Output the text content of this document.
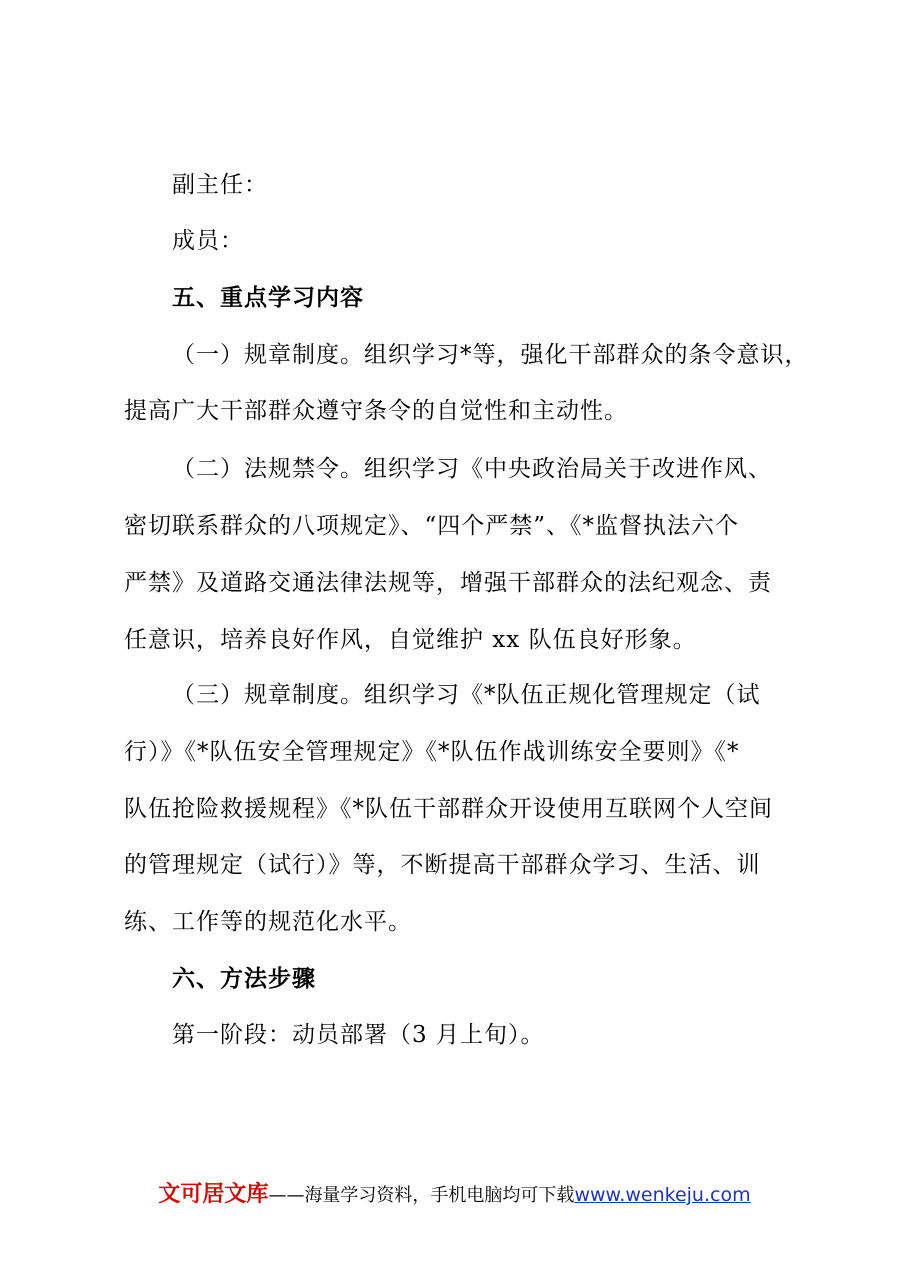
副主任：
成员：
五、重点学习内容
（一）规章制度。组织学习*等，强化干部群众的条令意识，
提高广大干部群众遵守条令的自觉性和主动性。
（二）法规禁令。组织学习《中央政治局关于改进作风、
密切联系群众的八项规定》、“四个严禁”、《*监督执法六个
严禁》及道路交通法律法规等，增强干部群众的法纪观念、责
任意识，培养良好作风，自觉维护 xx 队伍良好形象。
（三）规章制度。组织学习《*队伍正规化管理规定（试
行）》《*队伍安全管理规定》《*队伍作战训练安全要则》《*
队伍抢险救援规程》《*队伍干部群众开设使用互联网个人空间
的管理规定（试行）》等，不断提高干部群众学习、生活、训
练、工作等的规范化水平。
六、方法步骤
第一阶段：动员部署（3 月上旬）。
文可居文库——海量学习资料，手机电脑均可下载www.wenkeju.com
